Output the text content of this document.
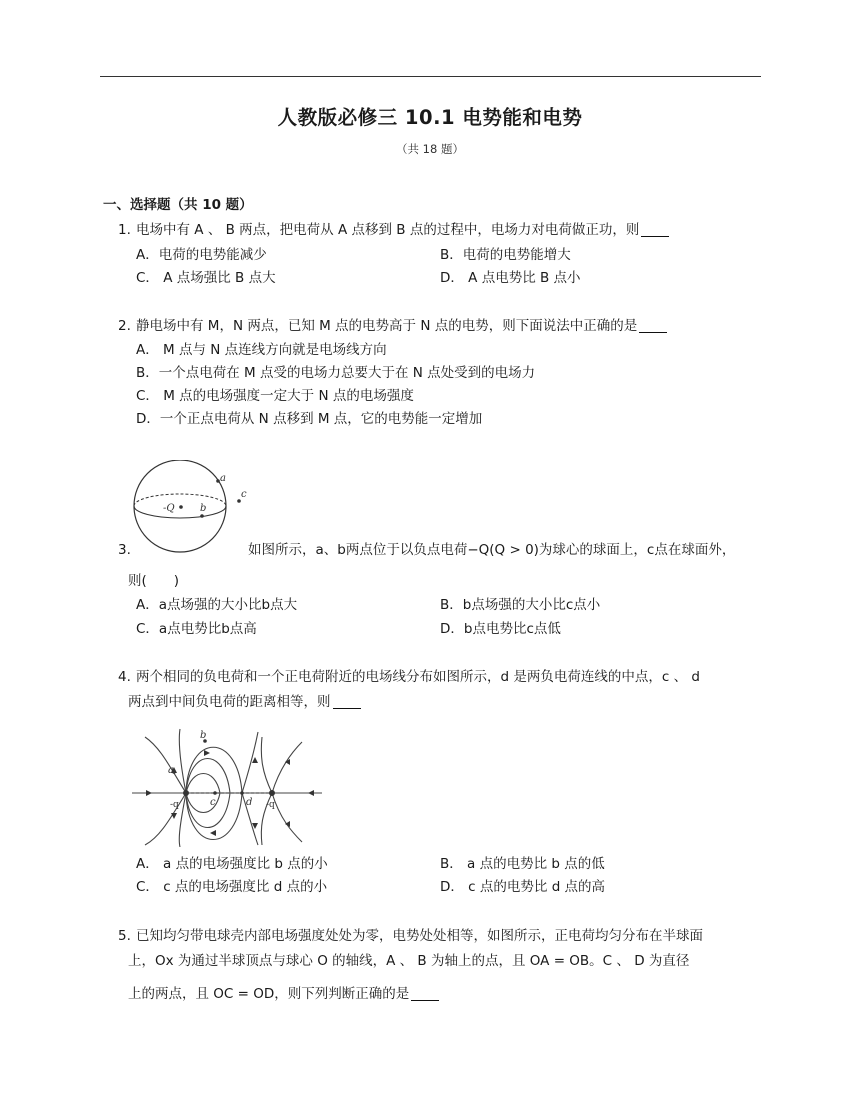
人教版必修三 10.1 电势能和电势
（共 18 题）
一、选择题（共 10 题）
1. 电场中有 A 、 B 两点，把电荷从 A 点移到 B 点的过程中，电场力对电荷做正功，则
A．电荷的电势能减少	B．电荷的电势能增大
C． A 点场强比 B 点大	D． A 点电势比 B 点小
2. 静电场中有 M，N 两点，已知 M 点的电势高于 N 点的电势，则下面说法中正确的是
A． M 点与 N 点连线方向就是电场线方向
B．一个点电荷在 M 点受的电场力总要大于在 N 点处受到的电场力
C． M 点的电场强度一定大于 N 点的电场强度
D．一个正点电荷从 N 点移到 M 点，它的电势能一定增加
-Q
a
b
c
3.	如图所示，a、b两点位于以负点电荷−Q(Q > 0)为球心的球面上，c点在球面外，
则(　　)
A．a点场强的大小比b点大	B．b点场强的大小比c点小
C．a点电势比b点高	D．b点电势比c点低
4. 两个相同的负电荷和一个正电荷附近的电场线分布如图所示，d 是两负电荷连线的中点，c 、 d
两点到中间负电荷的距离相等，则
a
b
c	d
-q	-q
A． a 点的电场强度比 b 点的小	B． a 点的电势比 b 点的低
C． c 点的电场强度比 d 点的小	D． c 点的电势比 d 点的高
5. 已知均匀带电球壳内部电场强度处处为零，电势处处相等，如图所示，正电荷均匀分布在半球面
上，Ox 为通过半球顶点与球心 O 的轴线，A 、 B 为轴上的点，且 OA = OB。C 、 D 为直径
上的两点，且 OC = OD，则下列判断正确的是
